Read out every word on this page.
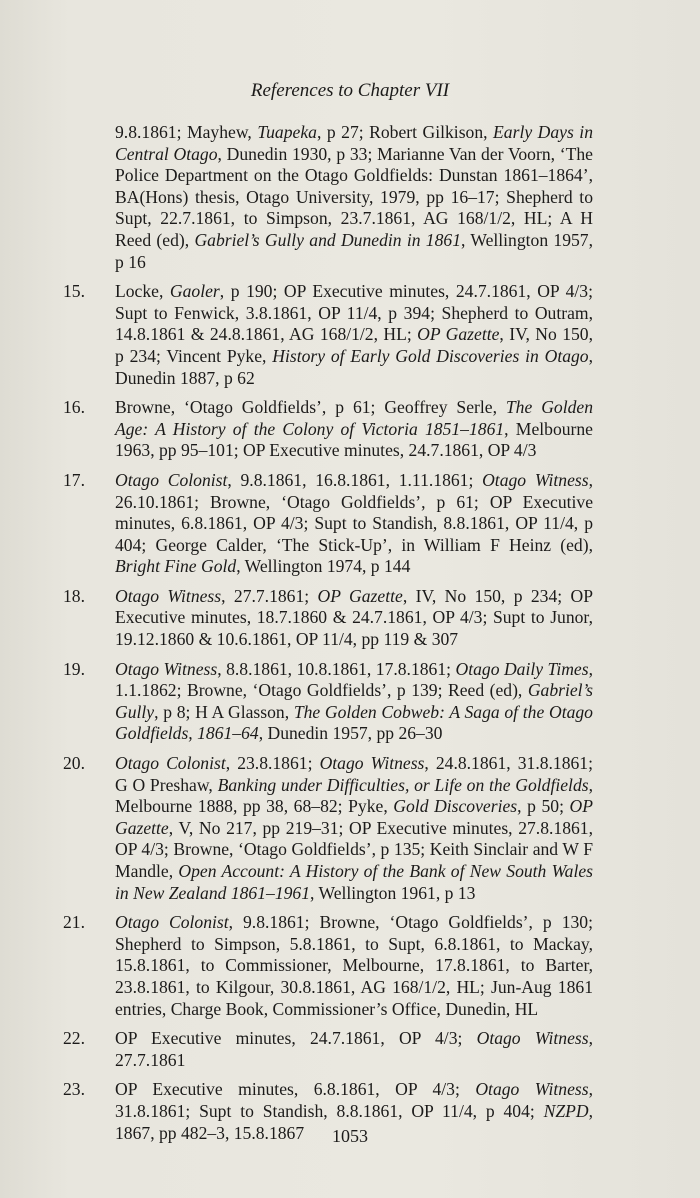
References to Chapter VII
9.8.1861; Mayhew, Tuapeka, p 27; Robert Gilkison, Early Days in Central Otago, Dunedin 1930, p 33; Marianne Van der Voorn, ‘The Police Department on the Otago Goldfields: Dunstan 1861–1864’, BA(Hons) thesis, Otago University, 1979, pp 16–17; Shepherd to Supt, 22.7.1861, to Simpson, 23.7.1861, AG 168/1/2, HL; A H Reed (ed), Gabriel’s Gully and Dunedin in 1861, Wellington 1957, p 16
15.	Locke, Gaoler, p 190; OP Executive minutes, 24.7.1861, OP 4/3; Supt to Fenwick, 3.8.1861, OP 11/4, p 394; Shepherd to Outram, 14.8.1861 & 24.8.1861, AG 168/1/2, HL; OP Gazette, IV, No 150, p 234; Vincent Pyke, History of Early Gold Discoveries in Otago, Dunedin 1887, p 62
16.	Browne, ‘Otago Goldfields’, p 61; Geoffrey Serle, The Golden Age: A History of the Colony of Victoria 1851–1861, Melbourne 1963, pp 95–101; OP Executive minutes, 24.7.1861, OP 4/3
17.	Otago Colonist, 9.8.1861, 16.8.1861, 1.11.1861; Otago Witness, 26.10.1861; Browne, ‘Otago Goldfields’, p 61; OP Executive minutes, 6.8.1861, OP 4/3; Supt to Standish, 8.8.1861, OP 11/4, p 404; George Calder, ‘The Stick-Up’, in William F Heinz (ed), Bright Fine Gold, Wellington 1974, p 144
18.	Otago Witness, 27.7.1861; OP Gazette, IV, No 150, p 234; OP Executive minutes, 18.7.1860 & 24.7.1861, OP 4/3; Supt to Junor, 19.12.1860 & 10.6.1861, OP 11/4, pp 119 & 307
19.	Otago Witness, 8.8.1861, 10.8.1861, 17.8.1861; Otago Daily Times, 1.1.1862; Browne, ‘Otago Goldfields’, p 139; Reed (ed), Gabriel’s Gully, p 8; H A Glasson, The Golden Cobweb: A Saga of the Otago Goldfields, 1861–64, Dunedin 1957, pp 26–30
20.	Otago Colonist, 23.8.1861; Otago Witness, 24.8.1861, 31.8.1861; G O Preshaw, Banking under Difficulties, or Life on the Goldfields, Melbourne 1888, pp 38, 68–82; Pyke, Gold Discoveries, p 50; OP Gazette, V, No 217, pp 219–31; OP Executive minutes, 27.8.1861, OP 4/3; Browne, ‘Otago Goldfields’, p 135; Keith Sinclair and W F Mandle, Open Account: A History of the Bank of New South Wales in New Zealand 1861–1961, Wellington 1961, p 13
21.	Otago Colonist, 9.8.1861; Browne, ‘Otago Goldfields’, p 130; Shepherd to Simpson, 5.8.1861, to Supt, 6.8.1861, to Mackay, 15.8.1861, to Commissioner, Melbourne, 17.8.1861, to Barter, 23.8.1861, to Kilgour, 30.8.1861, AG 168/1/2, HL; Jun-Aug 1861 entries, Charge Book, Commissioner’s Office, Dunedin, HL
22.	OP Executive minutes, 24.7.1861, OP 4/3; Otago Witness, 27.7.1861
23.	OP Executive minutes, 6.8.1861, OP 4/3; Otago Witness, 31.8.1861; Supt to Standish, 8.8.1861, OP 11/4, p 404; NZPD, 1867, pp 482–3, 15.8.1867	1053
